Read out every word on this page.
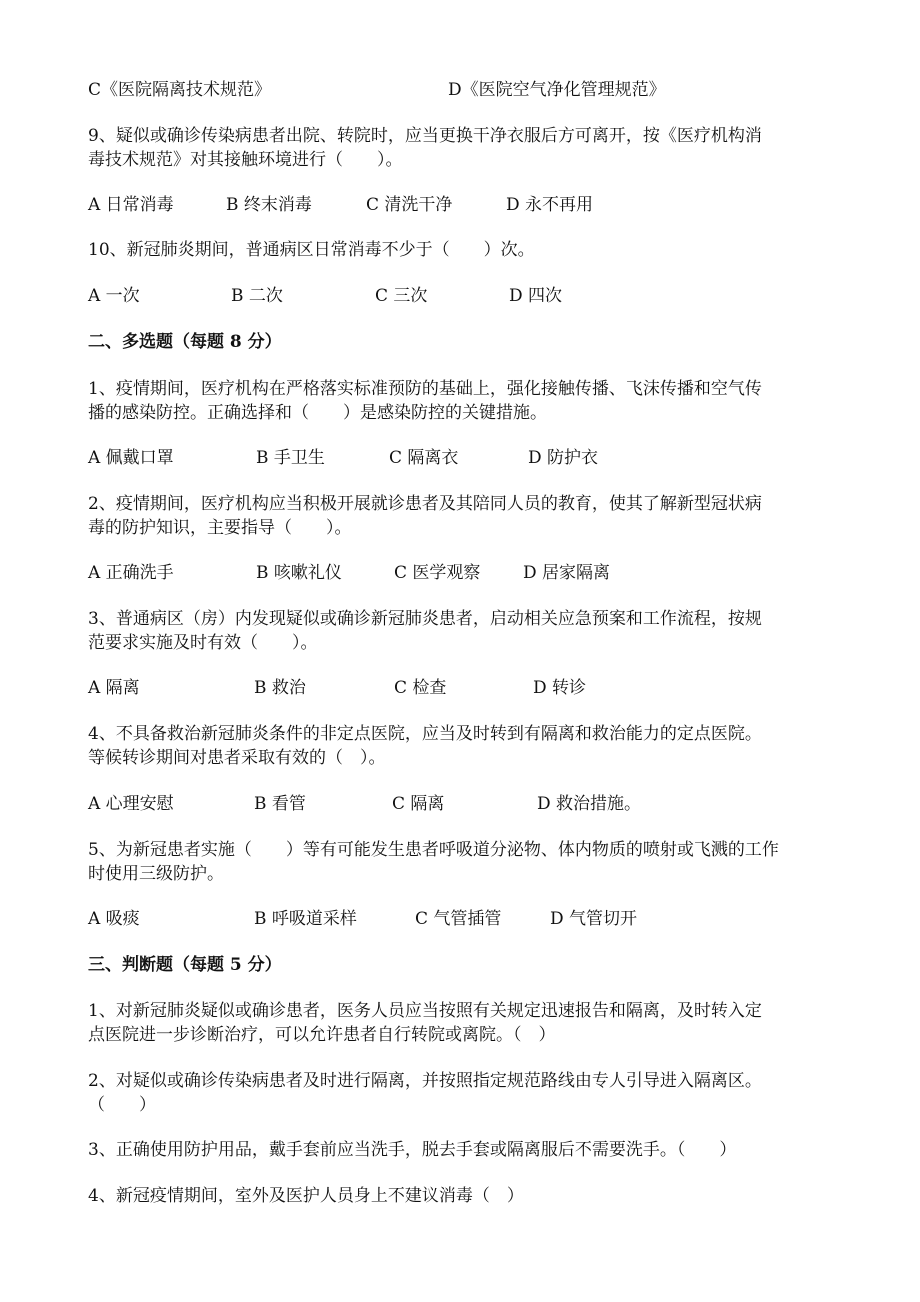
C《医院隔离技术规范》	D《医院空气净化管理规范》
9、疑似或确诊传染病患者出院、转院时，应当更换干净衣服后方可离开，按《医疗机构消
毒技术规范》对其接触环境进行（　　）。
A 日常消毒	B 终末消毒	C 清洗干净	D 永不再用
10、新冠肺炎期间，普通病区日常消毒不少于（　　）次。
A 一次	B 二次	C 三次	D 四次
二、多选题（每题 8 分）
1、疫情期间，医疗机构在严格落实标准预防的基础上，强化接触传播、飞沫传播和空气传
播的感染防控。正确选择和（　　）是感染防控的关键措施。
A 佩戴口罩	B 手卫生	C 隔离衣	D 防护衣
2、疫情期间，医疗机构应当积极开展就诊患者及其陪同人员的教育，使其了解新型冠状病
毒的防护知识，主要指导（　　）。
A 正确洗手	B 咳嗽礼仪	C 医学观察	D 居家隔离
3、普通病区（房）内发现疑似或确诊新冠肺炎患者，启动相关应急预案和工作流程，按规
范要求实施及时有效（　　）。
A 隔离	B 救治	C 检查	D 转诊
4、不具备救治新冠肺炎条件的非定点医院，应当及时转到有隔离和救治能力的定点医院。
等候转诊期间对患者采取有效的（　）。
A 心理安慰	B 看管	C 隔离	D 救治措施。
5、为新冠患者实施（　　）等有可能发生患者呼吸道分泌物、体内物质的喷射或飞溅的工作
时使用三级防护。
A 吸痰	B 呼吸道采样	C 气管插管	D 气管切开
三、判断题（每题 5 分）
1、对新冠肺炎疑似或确诊患者，医务人员应当按照有关规定迅速报告和隔离，及时转入定
点医院进一步诊断治疗，可以允许患者自行转院或离院。（　）
2、对疑似或确诊传染病患者及时进行隔离，并按照指定规范路线由专人引导进入隔离区。
（　　）
3、正确使用防护用品，戴手套前应当洗手，脱去手套或隔离服后不需要洗手。（　　）
4、新冠疫情期间，室外及医护人员身上不建议消毒（　）
